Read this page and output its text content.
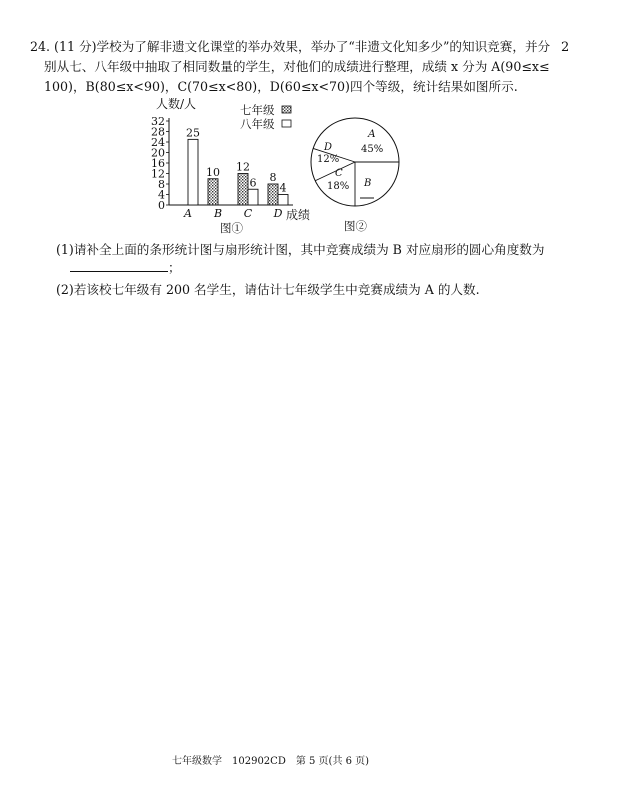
24. (11 分)学校为了解非遗文化课堂的举办效果，举办了“非遗文化知多少”的知识竞赛，并分 2
别从七、八年级中抽取了相同数量的学生，对他们的成绩进行整理，成绩 x 分为 A(90≤x≤
100)，B(80≤x<90)，C(70≤x<80)，D(60≤x<70)四个等级，统计结果如图所示.
人数/人
成绩
图①
0
4
8
12
16
20
24
28
32
A B C D
25
10 12
6 8
4
七年级
八年级
A
45%
D
12%
C
18% B
图②
(1)请补全上面的条形统计图与扇形统计图，其中竞赛成绩为 B 对应扇形的圆心角度数为
；
(2)若该校七年级有 200 名学生，请估计七年级学生中竞赛成绩为 A 的人数.
七年级数学　102902CD　第 5 页(共 6 页)
